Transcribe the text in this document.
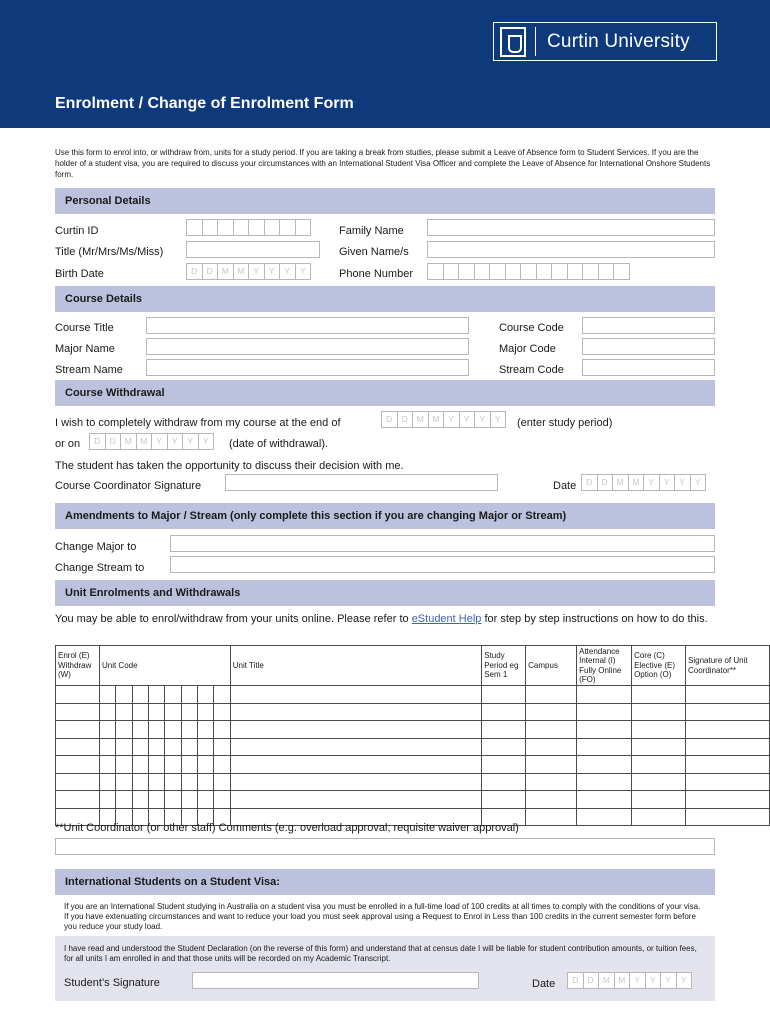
Curtin University
Enrolment / Change of Enrolment Form
Use this form to enrol into, or withdraw from, units for a study period. If you are taking a break from studies, please submit a Leave of Absence form to Student Services. If you are the holder of a student visa, you are required to discuss your circumstances with an International Student Visa Officer and complete the Leave of Absence for International Onshore Students form.
Personal Details
Curtin ID
Title (Mr/Mrs/Ms/Miss)
Birth Date	D	D	M M	Y	Y	Y	Y
Family Name
Given Name/s
Phone Number
Course Details
Course Title
Major Name
Stream Name
Course Code
Major Code
Stream Code
Course Withdrawal
I wish to completely withdraw from my course at the end of	D	D	M M	Y	Y	Y	Y	(enter study period)
or on	D	D	M M	Y	Y	Y	Y	(date of withdrawal).
The student has taken the opportunity to discuss their decision with me.
Course Coordinator Signature	Date	D	D	M M	Y	Y	Y	Y
Amendments to Major / Stream (only complete this section if you are changing Major or Stream)
Change Major to
Change Stream to
Unit Enrolments and Withdrawals
You may be able to enrol/withdraw from your units online. Please refer to eStudent Help for step by step instructions on how to do this.
Enrol (E) Withdraw (W)	Unit Code	Unit Title	Study Period eg Sem 1	Campus	Attendance Internal (I) Fully Online (FO)	Core (C) Elective (E) Option (O)	Signature of Unit Coordinator**

**Unit Coordinator (or other staff) Comments (e.g. overload approval, requisite waiver approval)
International Students on a Student Visa:
If you are an International Student studying in Australia on a student visa you must be enrolled in a full-time load of 100 credits at all times to comply with the conditions of your visa. If you have extenuating circumstances and want to reduce your load you must seek approval using a Request to Enrol in Less than 100 credits in the current semester form before you reduce your study load.
I have read and understood the Student Declaration (on the reverse of this form) and understand that at census date I will be liable for student contribution amounts, or tuition fees, for all units I am enrolled in and that those units will be recorded on my Academic Transcript.
Student’s Signature	Date	D	D	M M	Y	Y	Y	Y
